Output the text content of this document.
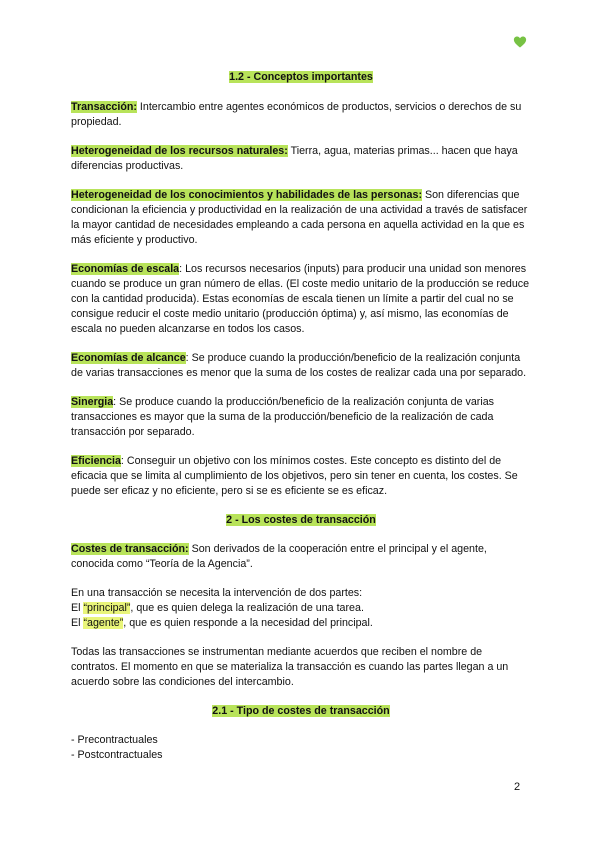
1.2 - Conceptos importantes

Transacción: Intercambio entre agentes económicos de productos, servicios o derechos de su propiedad.

Heterogeneidad de los recursos naturales: Tierra, agua, materias primas... hacen que haya diferencias productivas.

Heterogeneidad de los conocimientos y habilidades de las personas: Son diferencias que condicionan la eficiencia y productividad en la realización de una actividad a través de satisfacer la mayor cantidad de necesidades empleando a cada persona en aquella actividad en la que es más eficiente y productivo.

Economías de escala: Los recursos necesarios (inputs) para producir una unidad son menores cuando se produce un gran número de ellas. (El coste medio unitario de la producción se reduce con la cantidad producida). Estas economías de escala tienen un límite a partir del cual no se consigue reducir el coste medio unitario (producción óptima) y, así mismo, las economías de escala no pueden alcanzarse en todos los casos.

Economías de alcance: Se produce cuando la producción/beneficio de la realización conjunta de varias transacciones es menor que la suma de los costes de realizar cada una por separado.

Sinergia: Se produce cuando la producción/beneficio de la realización conjunta de varias transacciones es mayor que la suma de la producción/beneficio de la realización de cada transacción por separado.

Eficiencia: Conseguir un objetivo con los mínimos costes. Este concepto es distinto del de eficacia que se limita al cumplimiento de los objetivos, pero sin tener en cuenta, los costes. Se puede ser eficaz y no eficiente, pero si se es eficiente se es eficaz.

2 - Los costes de transacción

Costes de transacción: Son derivados de la cooperación entre el principal y el agente, conocida como “Teoría de la Agencia”.

En una transacción se necesita la intervención de dos partes:

El “principal”, que es quien delega la realización de una tarea.

El “agente”, que es quien responde a la necesidad del principal.

Todas las transacciones se instrumentan mediante acuerdos que reciben el nombre de contratos. El momento en que se materializa la transacción es cuando las partes llegan a un acuerdo sobre las condiciones del intercambio.

2.1 - Tipo de costes de transacción

- Precontractuales

- Postcontractuales

2
